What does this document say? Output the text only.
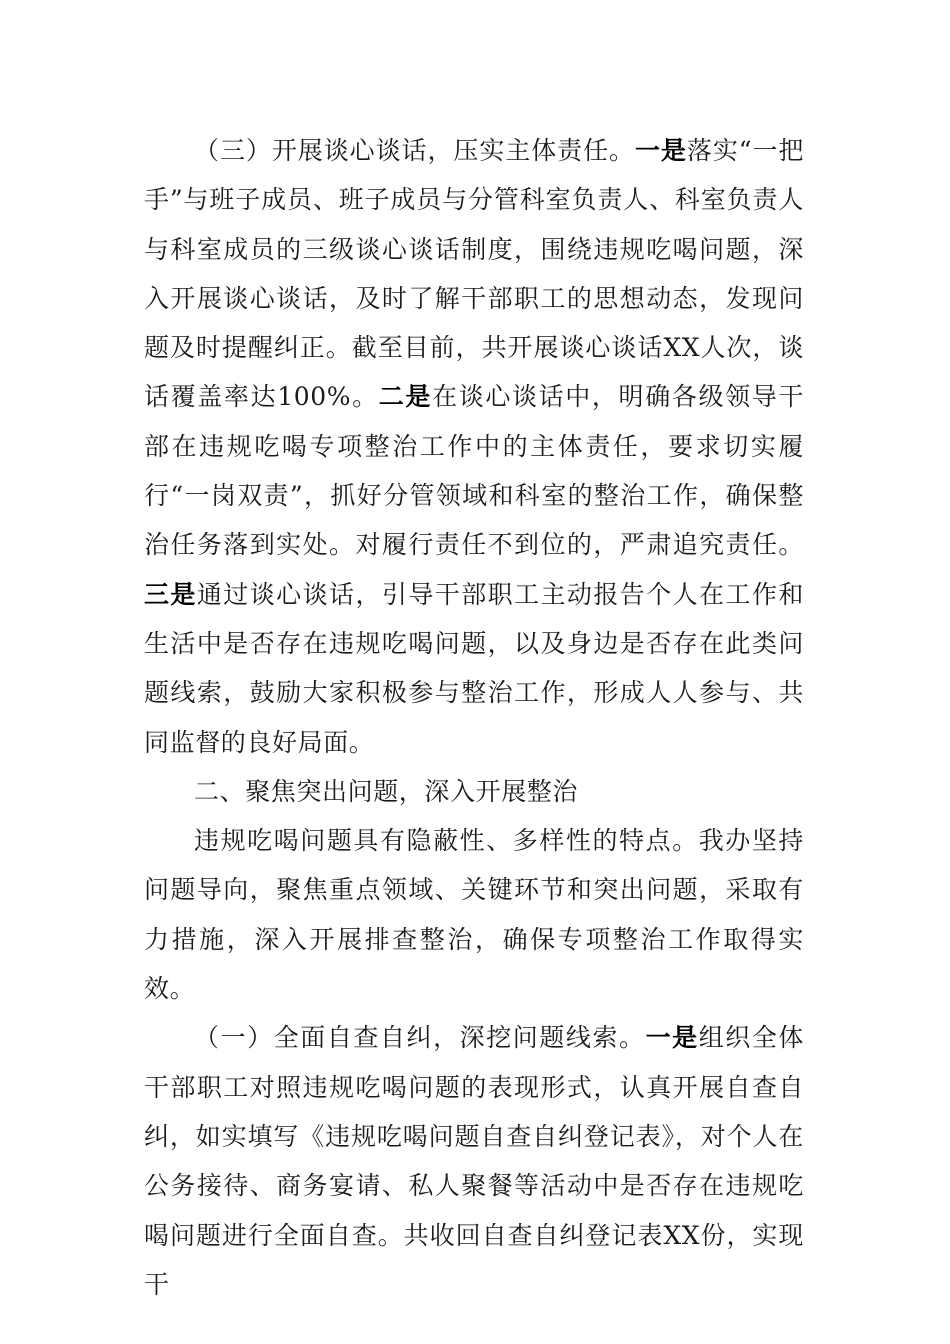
（三）开展谈心谈话，压实主体责任。一是落实“一把手”与班子成员、班子成员与分管科室负责人、科室负责人与科室成员的三级谈心谈话制度，围绕违规吃喝问题，深入开展谈心谈话，及时了解干部职工的思想动态，发现问题及时提醒纠正。截至目前，共开展谈心谈话XX人次，谈话覆盖率达100%。二是在谈心谈话中，明确各级领导干部在违规吃喝专项整治工作中的主体责任，要求切实履行“一岗双责”，抓好分管领域和科室的整治工作，确保整治任务落到实处。对履行责任不到位的，严肃追究责任。三是通过谈心谈话，引导干部职工主动报告个人在工作和生活中是否存在违规吃喝问题，以及身边是否存在此类问题线索，鼓励大家积极参与整治工作，形成人人参与、共同监督的良好局面。

二、聚焦突出问题，深入开展整治

违规吃喝问题具有隐蔽性、多样性的特点。我办坚持问题导向，聚焦重点领域、关键环节和突出问题，采取有力措施，深入开展排查整治，确保专项整治工作取得实效。

（一）全面自查自纠，深挖问题线索。一是组织全体干部职工对照违规吃喝问题的表现形式，认真开展自查自纠，如实填写《违规吃喝问题自查自纠登记表》，对个人在公务接待、商务宴请、私人聚餐等活动中是否存在违规吃喝问题进行全面自查。共收回自查自纠登记表XX份，实现干
